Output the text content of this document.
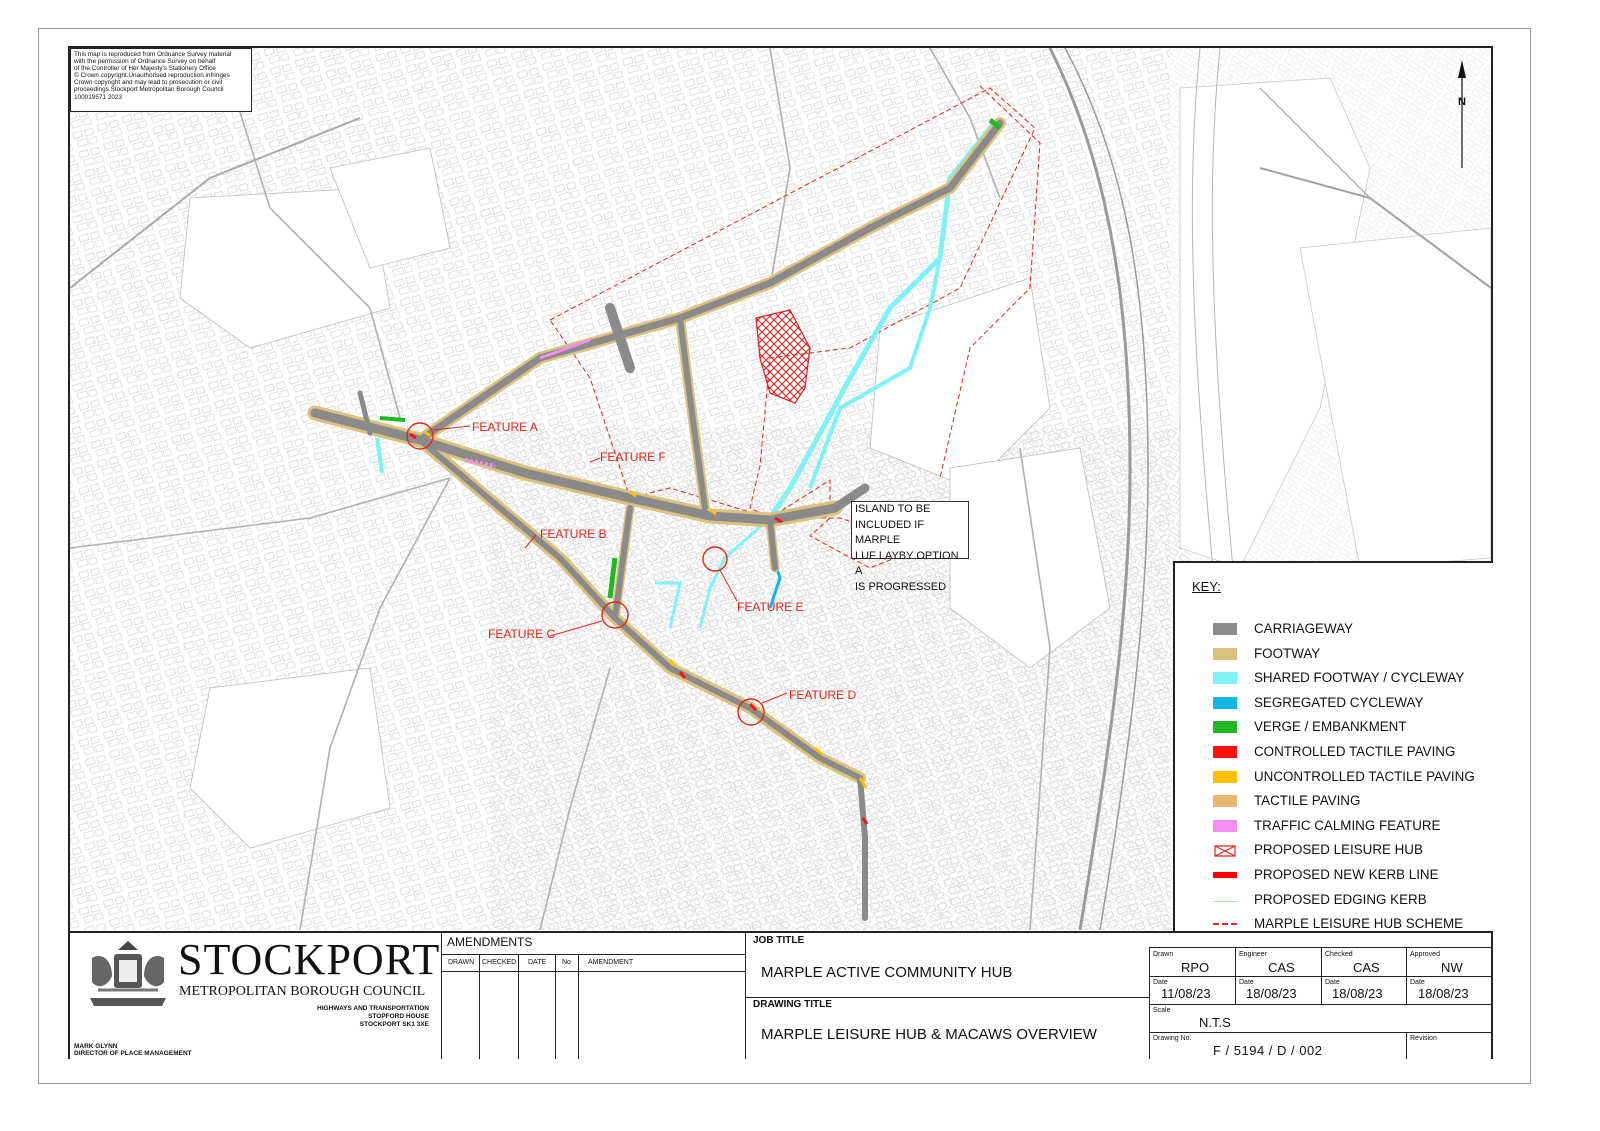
This map is reproduced from Ordnance Survey material
with the permission of Ordnance Survey on behalf
of the Controller of Her Majesty's Stationery Office
© Crown copyright.Unauthorised reproduction infringes
Crown copyright and may lead to prosecution or civil
proceedings.Stockport Metropolitan Borough Council
100019571 2023	N
FEATURE A
FEATURE F
FEATURE B
FEATURE C
FEATURE E
FEATURE D
ISLAND TO BE
INCLUDED IF MARPLE
LUF LAYBY OPTION A
IS PROGRESSED	KEY:
CARRIAGEWAY
FOOTWAY
SHARED FOOTWAY / CYCLEWAY
SEGREGATED CYCLEWAY
VERGE / EMBANKMENT
CONTROLLED TACTILE PAVING
UNCONTROLLED TACTILE PAVING
TACTILE PAVING
TRAFFIC CALMING FEATURE
PROPOSED LEISURE HUB
PROPOSED NEW KERB LINE
PROPOSED EDGING KERB
MARPLE LEISURE HUB SCHEME
STOCKPORT
METROPOLITAN BOROUGH COUNCIL
HIGHWAYS AND TRANSPORTATION
STOPFORD HOUSE
STOCKPORT SK1 3XE
MARK GLYNN
DIRECTOR OF PLACE MANAGEMENT
AMENDMENTS
DRAWN CHECKED DATE No AMENDMENT
JOB TITLE
MARPLE ACTIVE COMMUNITY HUB
DRAWING TITLE
MARPLE LEISURE HUB & MACAWS OVERVIEW
Drawn
RPO
Engineer
CAS
Checked
CAS
Approved
NW
Date
11/08/23
Date
18/08/23
Date
18/08/23
Date
18/08/23
Scale
N.T.S
Drawing No.
F / 5194 / D / 002
Revision
